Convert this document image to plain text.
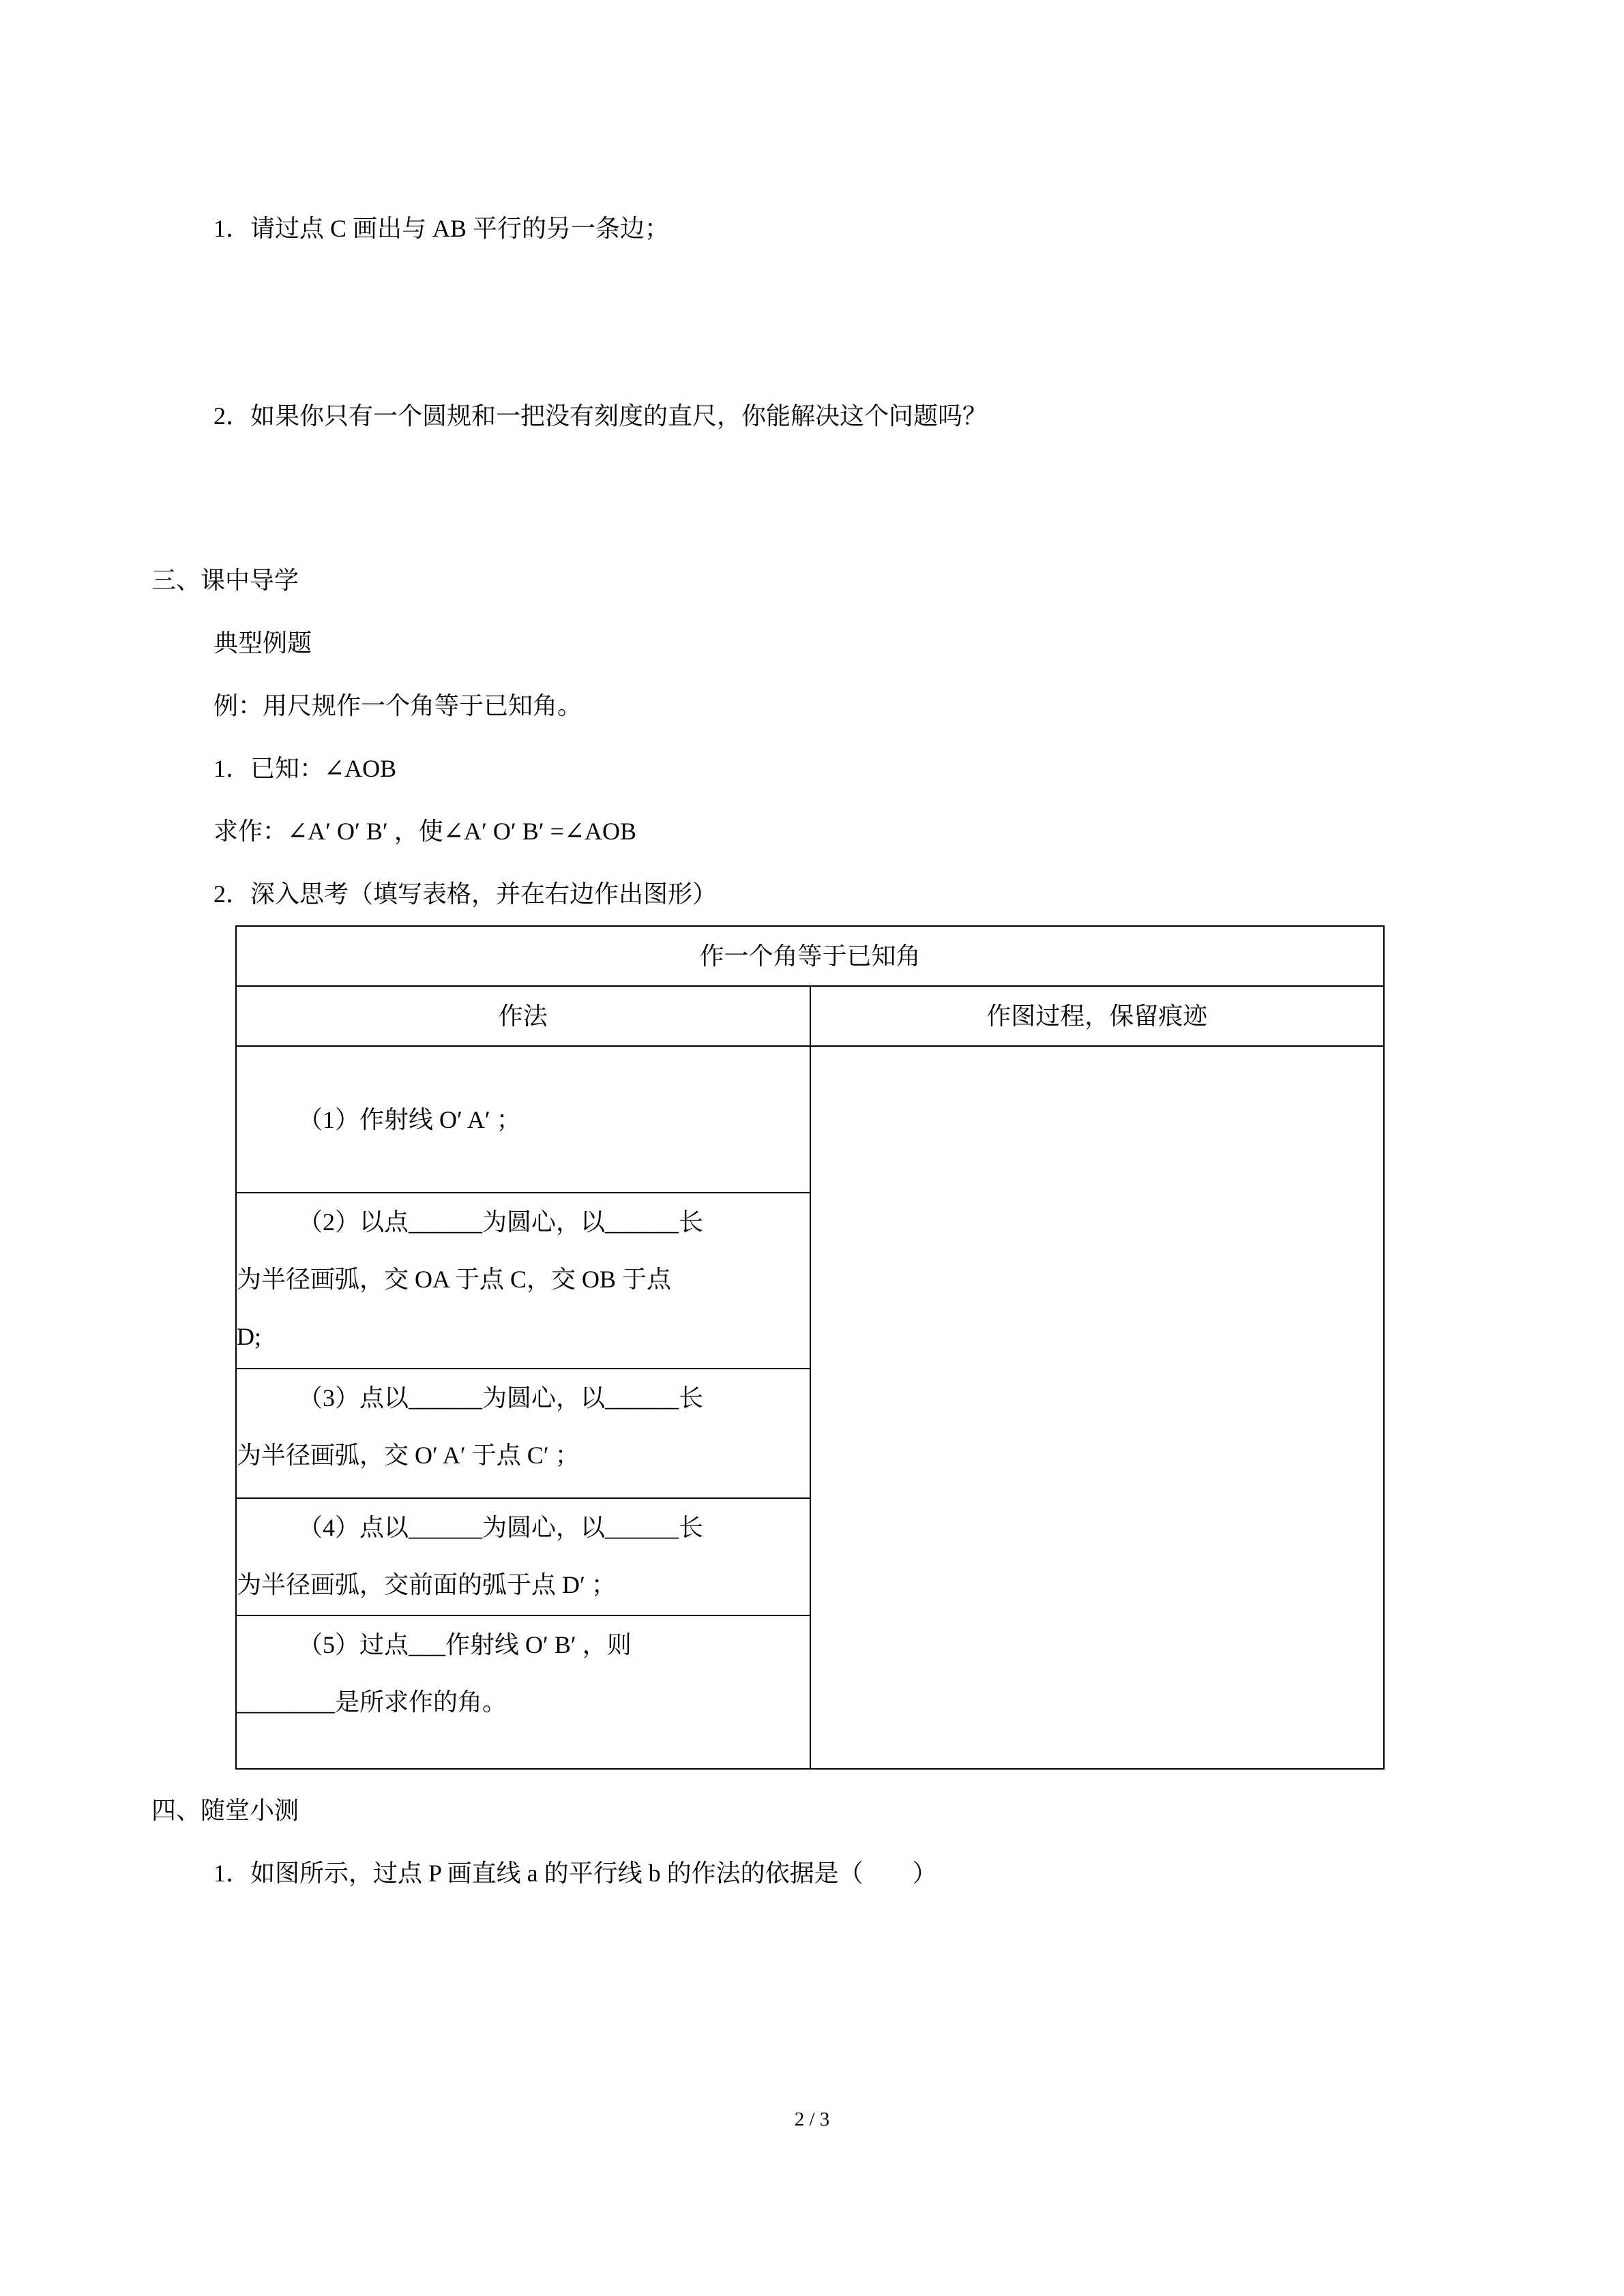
1．请过点 C 画出与 AB 平行的另一条边；

2．如果你只有一个圆规和一把没有刻度的直尺，你能解决这个问题吗？

三、课中导学

典型例题

例：用尺规作一个角等于已知角。

1．已知：∠AOB

求作：∠A′ O′ B′ ，使∠A′ O′ B′ =∠AOB

2．深入思考（填写表格，并在右边作出图形）

作一个角等于已知角	
作法	作图过程，保留痕迹

（1）作射线 O′ A′ ；	

（2）以点______为圆心，以______长
为半径画弧，交 OA 于点 C，交 OB 于点
D;	

（3）点以______为圆心，以______长
为半径画弧，交 O′ A′ 于点 C′ ；	

（4）点以______为圆心，以______长
为半径画弧，交前面的弧于点 D′ ；	

（5）过点___作射线 O′ B′ ，则
________是所求作的角。	

四、随堂小测

1．如图所示，过点 P 画直线 a 的平行线 b 的作法的依据是（　　）

2 / 3
